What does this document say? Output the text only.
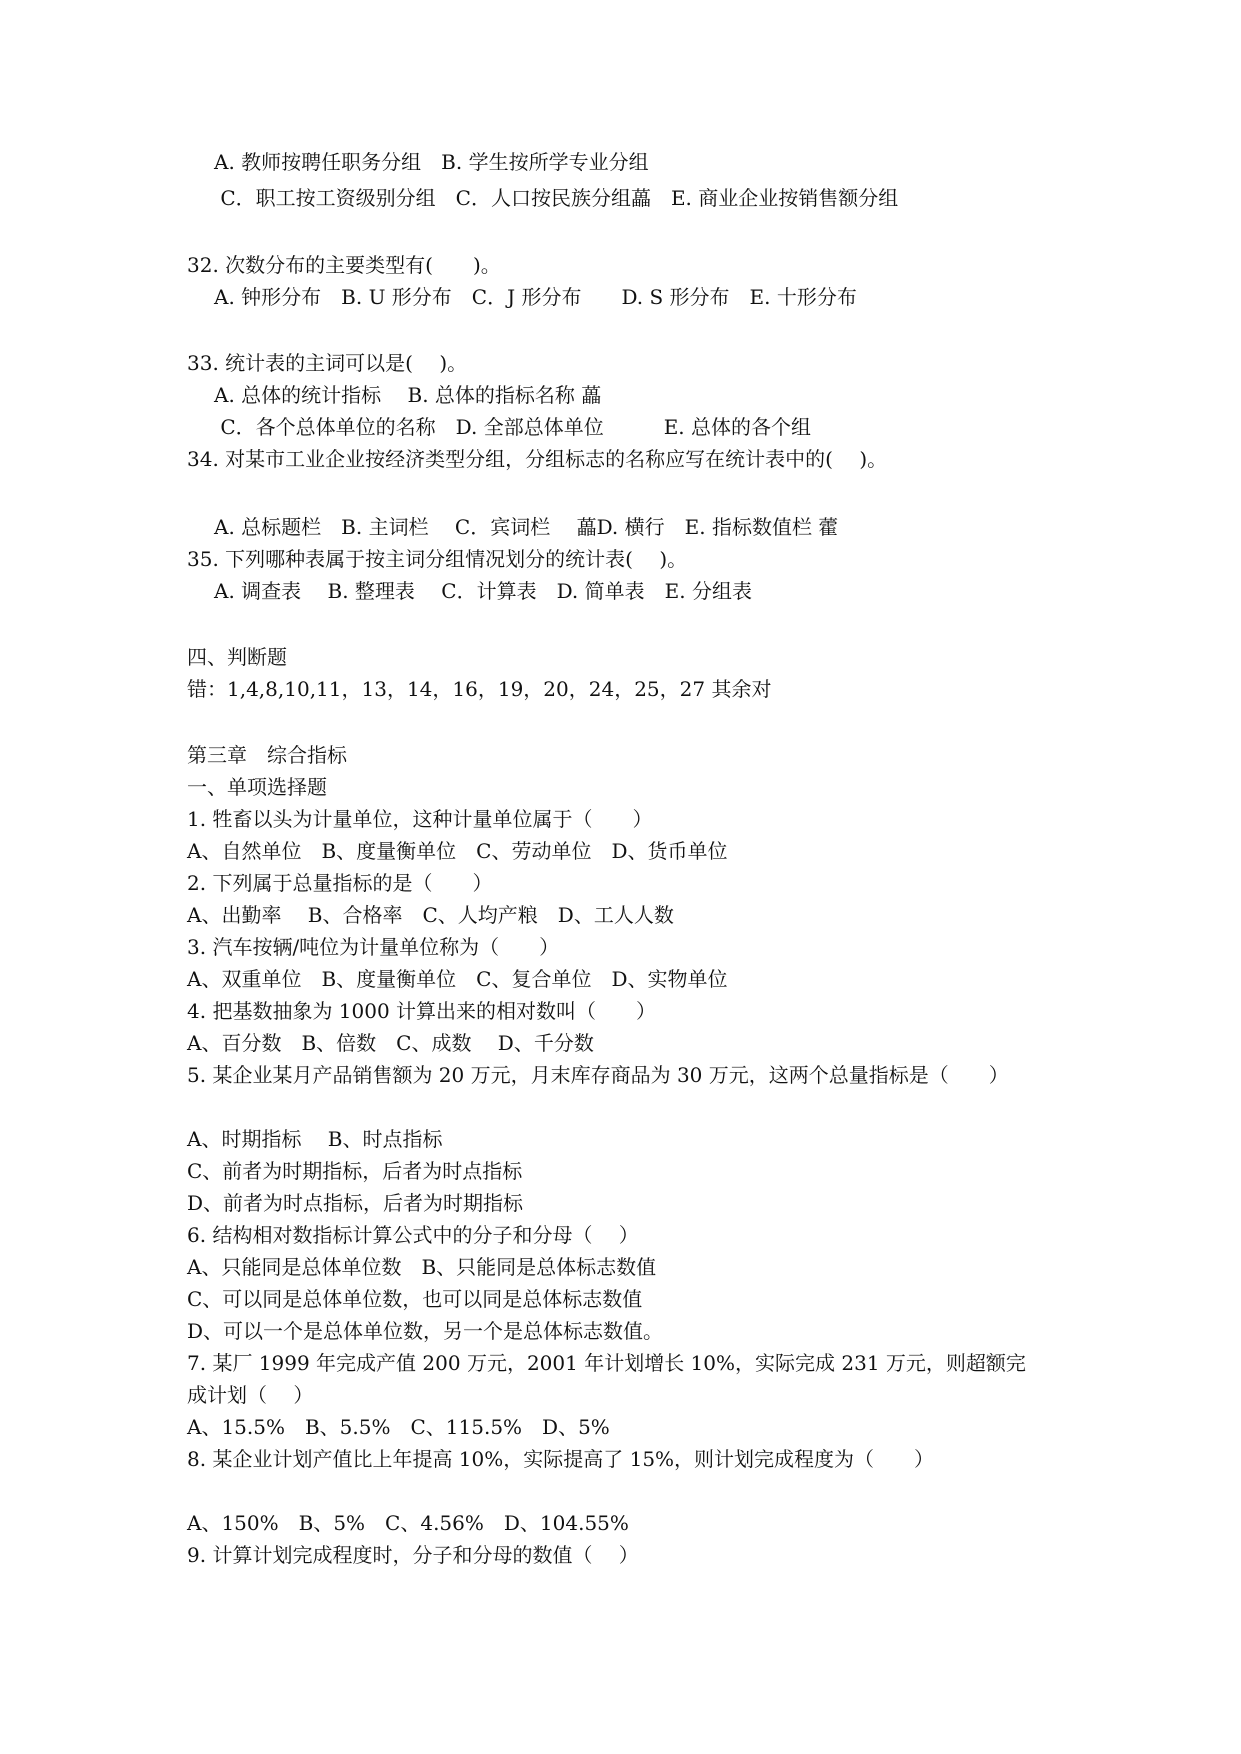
A. 教师按聘任职务分组　B. 学生按所学专业分组
C．职工按工资级别分组　C．人口按民族分组藟　E. 商业企业按销售额分组
32. 次数分布的主要类型有(　　)。
A. 钟形分布　B. U 形分布　C．J 形分布　　D. S 形分布　E. 十形分布
33. 统计表的主词可以是(　 )。
A. 总体的统计指标　 B. 总体的指标名称 藟
C．各个总体单位的名称　D. 全部总体单位　　　E. 总体的各个组
34. 对某市工业企业按经济类型分组，分组标志的名称应写在统计表中的(　 )。
A. 总标题栏　B. 主词栏　 C．宾词栏　 藟D. 横行　E. 指标数值栏 藿
35. 下列哪种表属于按主词分组情况划分的统计表(　 )。
A. 调查表　 B. 整理表　 C．计算表　D. 简单表　E. 分组表
四、判断题
错：1,4,8,10,11，13，14，16，19，20，24，25，27 其余对
第三章　综合指标
一、单项选择题
1. 牲畜以头为计量单位，这种计量单位属于（　　）
A、自然单位　B、度量衡单位　C、劳动单位　D、货币单位
2. 下列属于总量指标的是（　　）
A、出勤率　 B、合格率　C、人均产粮　D、工人人数
3. 汽车按辆/吨位为计量单位称为（　　）
A、双重单位　B、度量衡单位　C、复合单位　D、实物单位
4. 把基数抽象为 1000 计算出来的相对数叫（　　）
A、百分数　B、倍数　C、成数　 D、千分数
5. 某企业某月产品销售额为 20 万元，月末库存商品为 30 万元，这两个总量指标是（　　）
A、时期指标　 B、时点指标
C、前者为时期指标，后者为时点指标
D、前者为时点指标，后者为时期指标
6. 结构相对数指标计算公式中的分子和分母（　 ）
A、只能同是总体单位数　B、只能同是总体标志数值
C、可以同是总体单位数，也可以同是总体标志数值
D、可以一个是总体单位数，另一个是总体标志数值。
7. 某厂 1999 年完成产值 200 万元，2001 年计划增长 10%，实际完成 231 万元，则超额完
成计划（　 ）
A、15.5%　B、5.5%　C、115.5%　D、5%
8. 某企业计划产值比上年提高 10%，实际提高了 15%，则计划完成程度为（　　）
A、150%　B、5%　C、4.56%　D、104.55%
9. 计算计划完成程度时，分子和分母的数值（　 ）
